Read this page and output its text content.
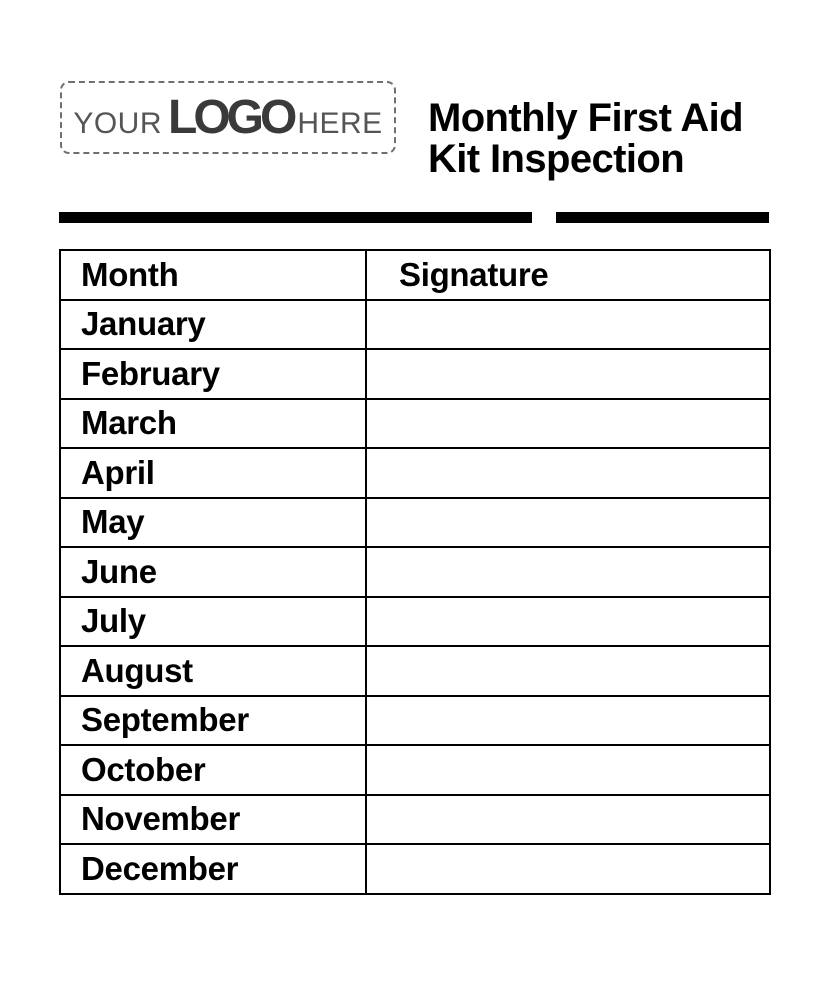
YOUR LOGO HERE Monthly First Aid
Kit Inspection
Month	Signature
January	
February	
March	
April	
May	
June	
July	
August	
September	
October	
November	
December	
